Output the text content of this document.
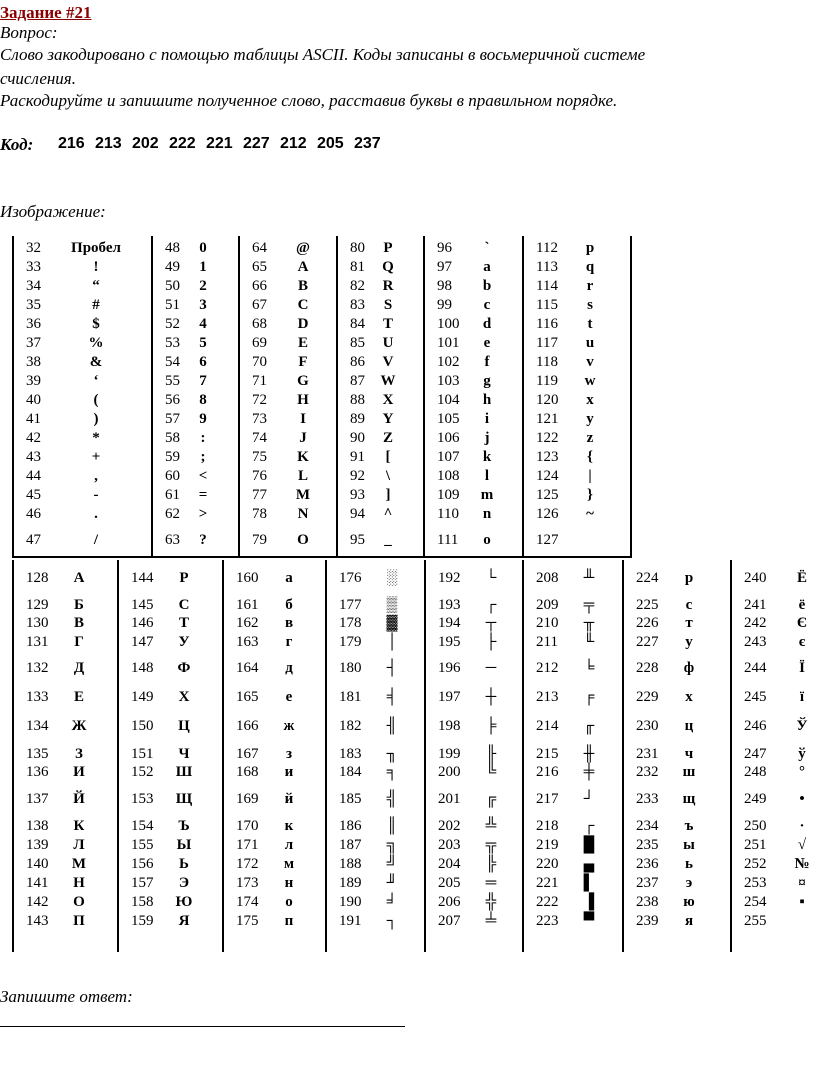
Задание #21
Вопрос:
Слово закодировано с помощью таблицы ASCII. Коды записаны в восьмеричной системе
счисления.
Раскодируйте и запишите полученное слово, расставив буквы в правильном порядке.
Код: 216 213 202 222 221 227 212 205 237
Изображение:
32	Пробел
33	!
34	“
35	#
36	$
37	%
38	&
39	‘
40	(
41	)
42	*
43	+
44	,
45	-
46	.
47	/

48	0
49	1
50	2
51	3
52	4
53	5
54	6
55	7
56	8
57	9
58	:
59	;
60	<
61	=
62	>
63	?

64	@
65	A
66	B
67	C
68	D
69	E
70	F
71	G
72	H
73	I
74	J
75	K
76	L
77	M
78	N
79	O

80	P
81	Q
82	R
83	S
84	T
85	U
86	V
87	W
88	X
89	Y
90	Z
91	[
92	\
93	]
94	^
95	_

96	`
97	a
98	b
99	c
100	d
101	e
102	f
103	g
104	h
105	i
106	j
107	k
108	l
109	m
110	n
111	o

112	p
113	q
114	r
115	s
116	t
117	u
118	v
119	w
120	x
121	y
122	z
123	{
124	|
125	}
126	~
127
128	А
129	Б
130	В
131	Г
132	Д
133	Е
134	Ж
135	З
136	И
137	Й
138	К
139	Л
140	М
141	Н
142	О
143	П

144	Р
145	С
146	Т
147	У
148	Ф
149	Х
150	Ц
151	Ч
152	Ш
153	Щ
154	Ъ
155	Ы
156	Ь
157	Э
158	Ю
159	Я

160	а
161	б
162	в
163	г
164	д
165	е
166	ж
167	з
168	и
169	й
170	к
171	л
172	м
173	н
174	о
175	п

176	░
177	▒
178	▓
179	│
180	┤
181	╡
182	╢
183	╖
184	╕
185	╣
186	║
187	╗
188	╝
189	╜
190	╛
191	┐

192	└
193	┌
194	┬
195	├
196	─
197	┼
198	╞
199	╟
200	╚
201	╔
202	╩
203	╦
204	╠
205	═
206	╬
207	╧

208	╨
209	╤
210	╥
211	╙
212	╘
213	╒
214	╓
215	╫
216	╪
217	┘
218	┌
219	█
220	▄
221	▌
222	▐
223	▀

224	р
225	с
226	т
227	у
228	ф
229	х
230	ц
231	ч
232	ш
233	щ
234	ъ
235	ы
236	ь
237	э
238	ю
239	я

240	Ё
241	ё
242	Є
243	є
244	Ї
245	ї
246	Ў
247	ў
248	°
249	•
250	·
251	√
252	№
253	¤
254	▪
255
Запишите ответ:
